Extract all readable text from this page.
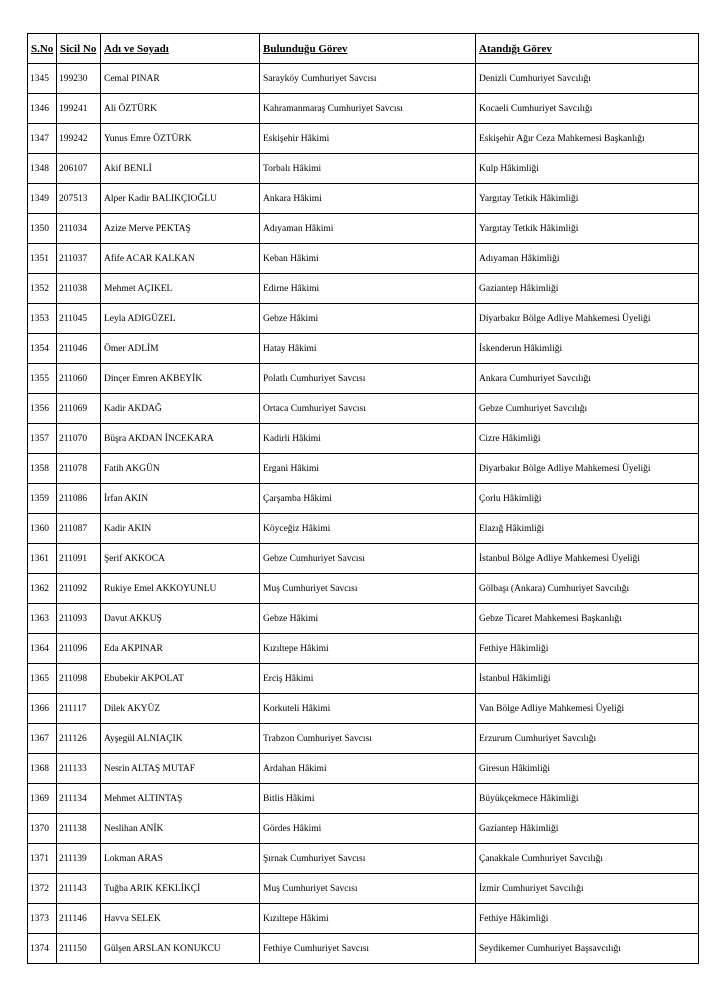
S.No	Sicil No	Adı ve Soyadı	Bulunduğu Görev	Atandığı Görev
1345	199230	Cemal PINAR	Sarayköy Cumhuriyet Savcısı	Denizli Cumhuriyet Savcılığı
1346	199241	Ali ÖZTÜRK	Kahramanmaraş Cumhuriyet Savcısı	Kocaeli Cumhuriyet Savcılığı
1347	199242	Yunus Emre ÖZTÜRK	Eskişehir Hâkimi	Eskişehir Ağır Ceza Mahkemesi Başkanlığı
1348	206107	Akif BENLİ	Torbalı Hâkimi	Kulp Hâkimliği
1349	207513	Alper Kadir BALIKÇIOĞLU	Ankara Hâkimi	Yargıtay Tetkik Hâkimliği
1350	211034	Azize Merve PEKTAŞ	Adıyaman Hâkimi	Yargıtay Tetkik Hâkimliği
1351	211037	Afife ACAR KALKAN	Keban Hâkimi	Adıyaman Hâkimliği
1352	211038	Mehmet AÇIKEL	Edirne Hâkimi	Gaziantep Hâkimliği
1353	211045	Leyla ADIGÜZEL	Gebze Hâkimi	Diyarbakır Bölge Adliye Mahkemesi Üyeliği
1354	211046	Ömer ADLİM	Hatay Hâkimi	İskenderun Hâkimliği
1355	211060	Dinçer Emren AKBEYİK	Polatlı Cumhuriyet Savcısı	Ankara Cumhuriyet Savcılığı
1356	211069	Kadir AKDAĞ	Ortaca Cumhuriyet Savcısı	Gebze Cumhuriyet Savcılığı
1357	211070	Büşra AKDAN İNCEKARA	Kadirli Hâkimi	Cizre Hâkimliği
1358	211078	Fatih AKGÜN	Ergani Hâkimi	Diyarbakır Bölge Adliye Mahkemesi Üyeliği
1359	211086	İrfan AKIN	Çarşamba Hâkimi	Çorlu Hâkimliği
1360	211087	Kadir AKIN	Köyceğiz Hâkimi	Elazığ Hâkimliği
1361	211091	Şerif AKKOCA	Gebze Cumhuriyet Savcısı	İstanbul Bölge Adliye Mahkemesi Üyeliği
1362	211092	Rukiye Emel AKKOYUNLU	Muş Cumhuriyet Savcısı	Gölbaşı (Ankara) Cumhuriyet Savcılığı
1363	211093	Davut AKKUŞ	Gebze Hâkimi	Gebze Ticaret Mahkemesi Başkanlığı
1364	211096	Eda AKPINAR	Kızıltepe Hâkimi	Fethiye Hâkimliği
1365	211098	Ebubekir AKPOLAT	Erciş Hâkimi	İstanbul Hâkimliği
1366	211117	Dilek AKYÜZ	Korkuteli Hâkimi	Van Bölge Adliye Mahkemesi Üyeliği
1367	211126	Ayşegül ALNIAÇIK	Trabzon Cumhuriyet Savcısı	Erzurum Cumhuriyet Savcılığı
1368	211133	Nesrin ALTAŞ MUTAF	Ardahan Hâkimi	Giresun Hâkimliği
1369	211134	Mehmet ALTINTAŞ	Bitlis Hâkimi	Büyükçekmece Hâkimliği
1370	211138	Neslihan ANİK	Gördes Hâkimi	Gaziantep Hâkimliği
1371	211139	Lokman ARAS	Şırnak Cumhuriyet Savcısı	Çanakkale Cumhuriyet Savcılığı
1372	211143	Tuğba ARIK KEKLİKÇİ	Muş Cumhuriyet Savcısı	İzmir Cumhuriyet Savcılığı
1373	211146	Havva SELEK	Kızıltepe Hâkimi	Fethiye Hâkimliği
1374	211150	Gülşen ARSLAN KONUKCU	Fethiye Cumhuriyet Savcısı	Seydikemer Cumhuriyet Başsavcılığı
